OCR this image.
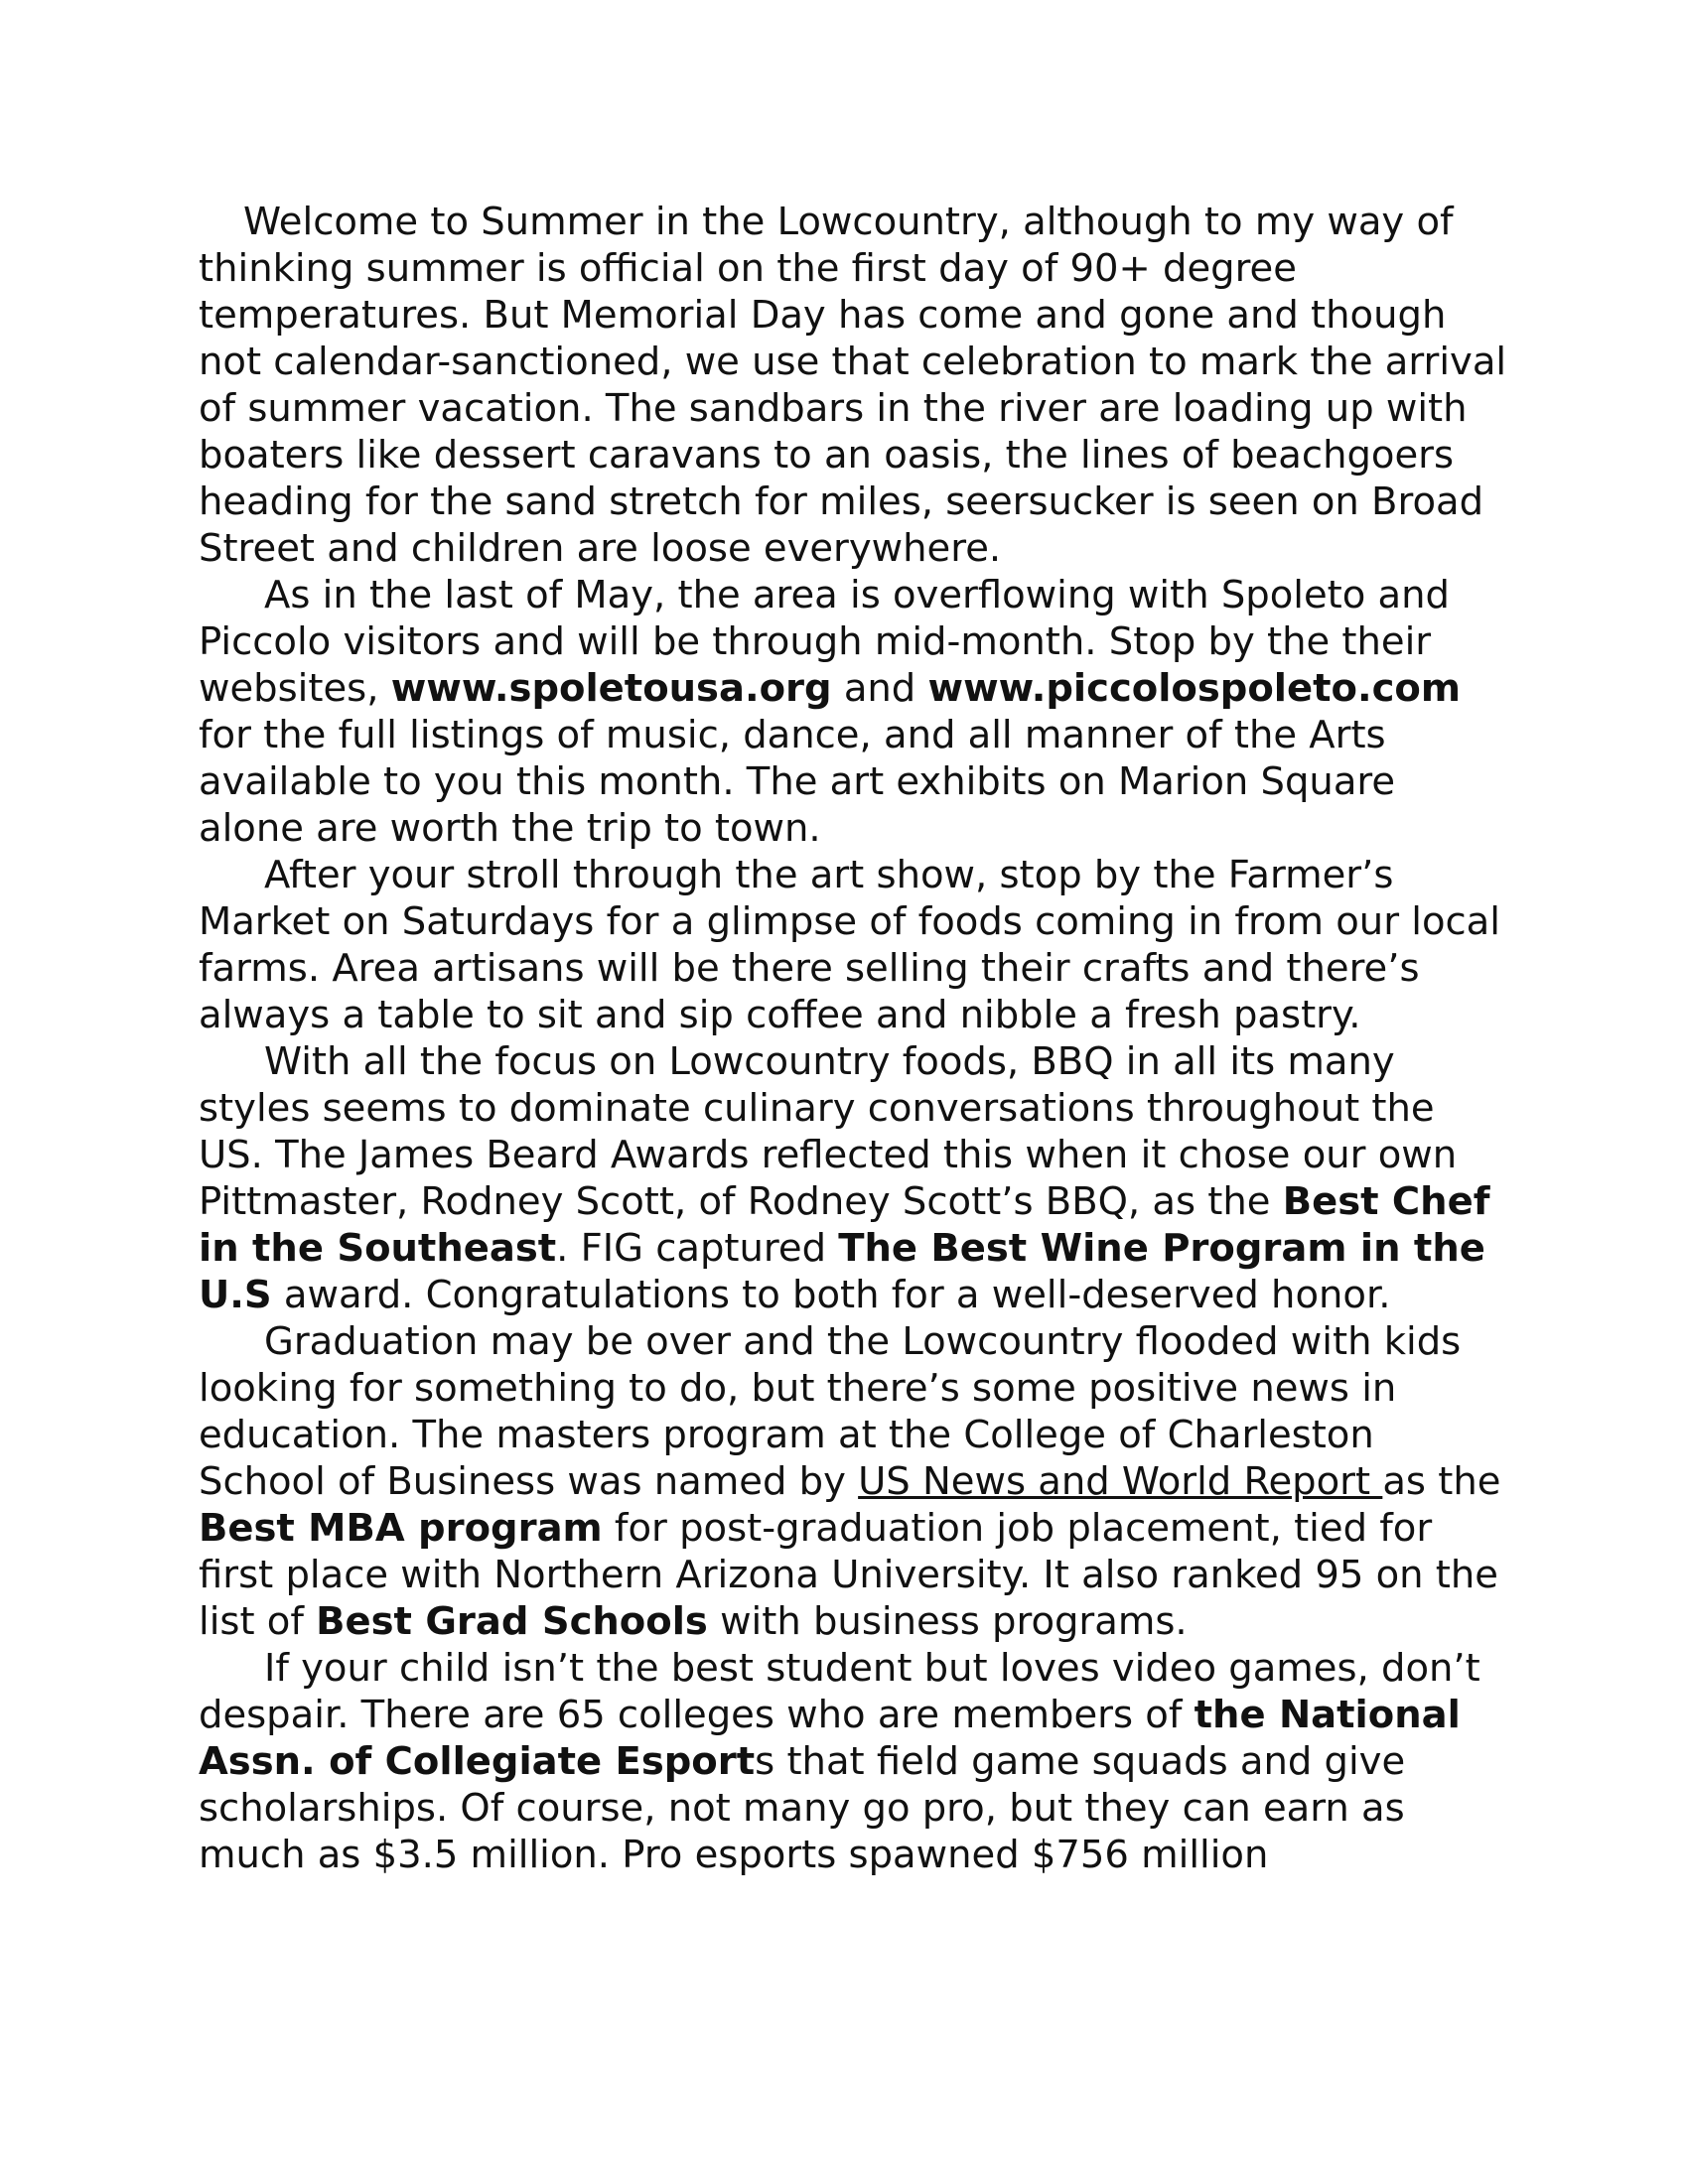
Welcome to Summer in the Lowcountry, although to my way of thinking summer is official on the first day of 90+ degree temperatures. But Memorial Day has come and gone and though not calendar-sanctioned, we use that celebration to mark the arrival of summer vacation. The sandbars in the river are loading up with boaters like dessert caravans to an oasis, the lines of beachgoers heading for the sand stretch for miles, seersucker is seen on Broad Street and children are loose everywhere.

As in the last of May, the area is overflowing with Spoleto and Piccolo visitors and will be through mid-month. Stop by the their websites, www.spoletousa.org and www.piccolospoleto.com for the full listings of music, dance, and all manner of the Arts available to you this month. The art exhibits on Marion Square alone are worth the trip to town.

After your stroll through the art show, stop by the Farmer’s Market on Saturdays for a glimpse of foods coming in from our local farms. Area artisans will be there selling their crafts and there’s always a table to sit and sip coffee and nibble a fresh pastry.

With all the focus on Lowcountry foods, BBQ in all its many styles seems to dominate culinary conversations throughout the US. The James Beard Awards reflected this when it chose our own Pittmaster, Rodney Scott, of Rodney Scott’s BBQ, as the Best Chef in the Southeast. FIG captured The Best Wine Program in the U.S award. Congratulations to both for a well-deserved honor.

Graduation may be over and the Lowcountry flooded with kids looking for something to do, but there’s some positive news in education. The masters program at the College of Charleston School of Business was named by US News and World Report as the Best MBA program for post-graduation job placement, tied for first place with Northern Arizona University. It also ranked 95 on the list of Best Grad Schools with business programs.

If your child isn’t the best student but loves video games, don’t despair. There are 65 colleges who are members of the National Assn. of Collegiate Esports that field game squads and give scholarships. Of course, not many go pro, but they can earn as much as $3.5 million. Pro esports spawned $756 million
